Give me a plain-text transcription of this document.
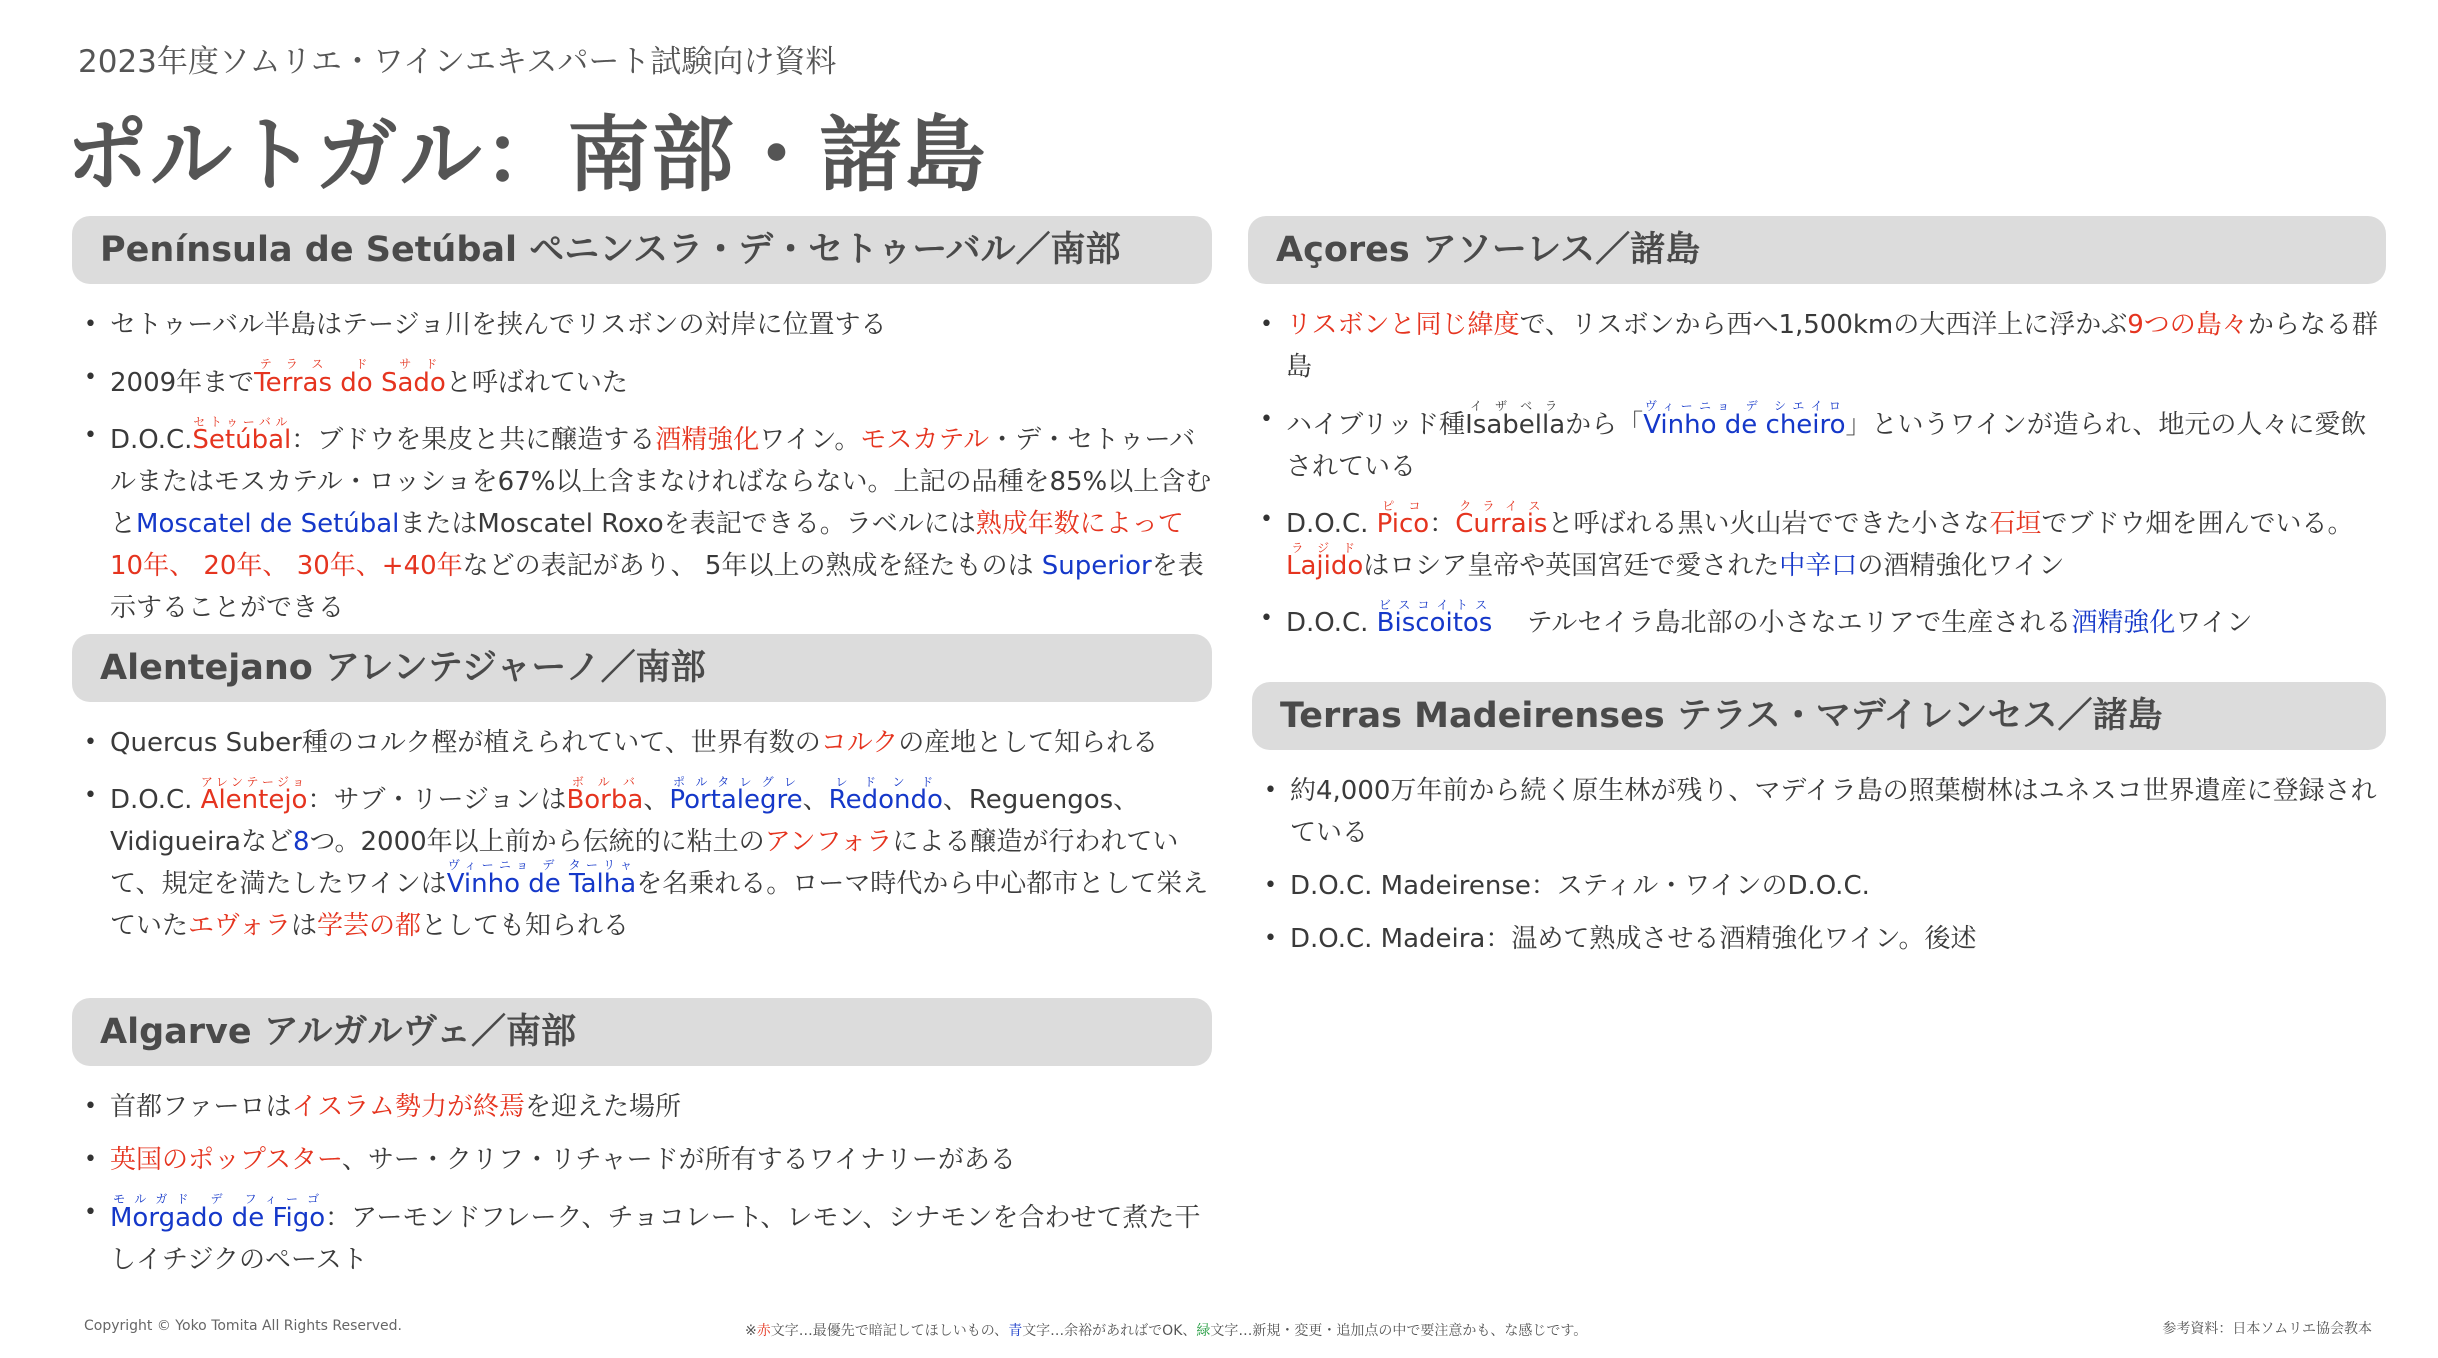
2023年度ソムリエ・ワインエキスパート試験向け資料
ポルトガル：南部・諸島
Península de Setúbal ペニンスラ・デ・セトゥーバル／南部
• セトゥーバル半島はテージョ川を挟んでリスボンの対岸に位置する
• 2009年までTerras do Sadoテラス ド サドと呼ばれていた
• D.O.C.Setúbalセトゥーバル：ブドウを果皮と共に醸造する酒精強化ワイン。モスカテル・デ・セトゥーバルまたはモスカテル・ロッショを67%以上含まなければならない。上記の品種を85%以上含むとMoscatel de SetúbalまたはMoscatel Roxoを表記できる。ラベルには熟成年数によって10年、 20年、 30年、+40年などの表記があり、 5年以上の熟成を経たものは Superiorを表示することができる
Alentejano アレンテジャーノ／南部
• Quercus Suber種のコルク樫が植えられていて、世界有数のコルクの産地として知られる
• D.O.C. Alentejoアレンテージョ：サブ・リージョンはBorbaボルバ、Portalegreポルタレグレ、Redondoレドンド、Reguengos、Vidigueiraなど8つ。2000年以上前から伝統的に粘土のアンフォラによる醸造が行われていて、規定を満たしたワインはVinho de Talhaヴィーニョ デ ターリャを名乗れる。ローマ時代から中心都市として栄えていたエヴォラは学芸の都としても知られる
Algarve アルガルヴェ／南部
• 首都ファーロはイスラム勢力が終焉を迎えた場所
• 英国のポップスター、サー・クリフ・リチャードが所有するワイナリーがある
• Morgado de Figoモルガド デ フィーゴ：アーモンドフレーク、チョコレート、レモン、シナモンを合わせて煮た干しイチジクのペースト
Açores アソーレス／諸島
• リスボンと同じ緯度で、リスボンから西へ1,500kmの大西洋上に浮かぶ9つの島々からなる群島
• ハイブリッド種Isabellaイザベラから「Vinho de cheiroヴィーニョ デ シエイロ」というワインが造られ、地元の人々に愛飲されている
• D.O.C. Picoピコ：Curraisクライスと呼ばれる黒い火山岩でできた小さな石垣でブドウ畑を囲んでいる。Lajidoラジドはロシア皇帝や英国宮廷で愛された中辛口の酒精強化ワイン
• D.O.C. Biscoitosビスコイトス　 テルセイラ島北部の小さなエリアで生産される酒精強化ワイン
Terras Madeirenses テラス・マデイレンセス／諸島
• 約4,000万年前から続く原生林が残り、マデイラ島の照葉樹林はユネスコ世界遺産に登録されている
• D.O.C. Madeirense：スティル・ワインのD.O.C.
• D.O.C. Madeira：温めて熟成させる酒精強化ワイン。後述
Copyright © Yoko Tomita All Rights Reserved.	※赤文字…最優先で暗記してほしいもの、青文字…余裕があればでOK、緑文字…新規・変更・追加点の中で要注意かも、な感じです。	参考資料：日本ソムリエ協会教本
